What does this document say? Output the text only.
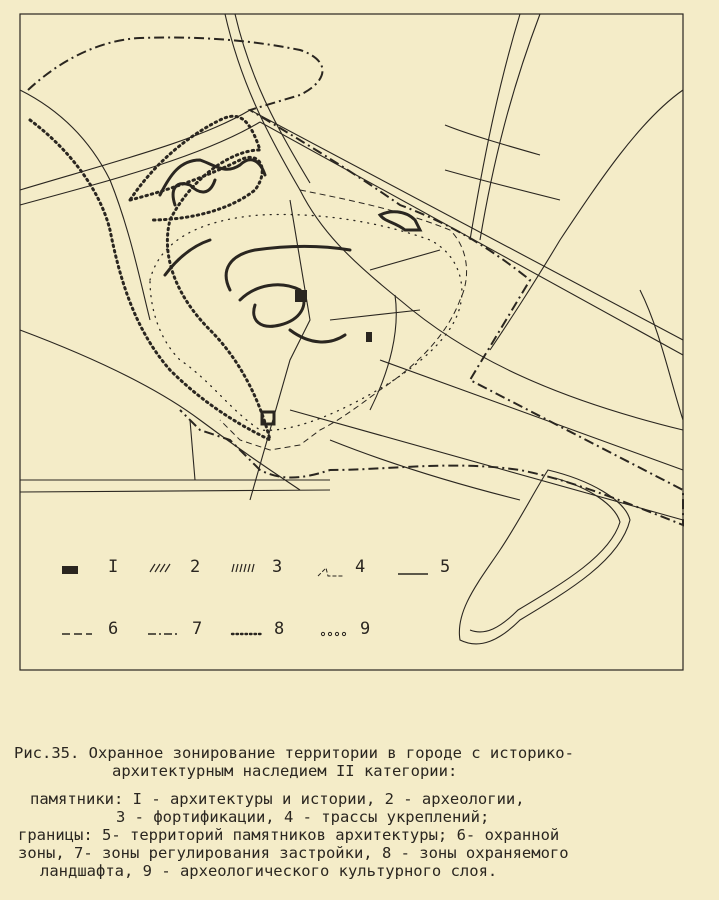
I	2	3	4	5
6	7	8	9
Рис.35. Охранное зонирование территории в городе с историко-
архитектурным наследием II категории:
памятники: I - архитектуры и истории, 2 - археологии,
3 - фортификации, 4 - трассы укреплений;
границы: 5- территорий памятников архитектуры; 6- охранной
зоны, 7- зоны регулирования застройки, 8 - зоны охраняемого
ландшафта, 9 - археологического культурного слоя.
